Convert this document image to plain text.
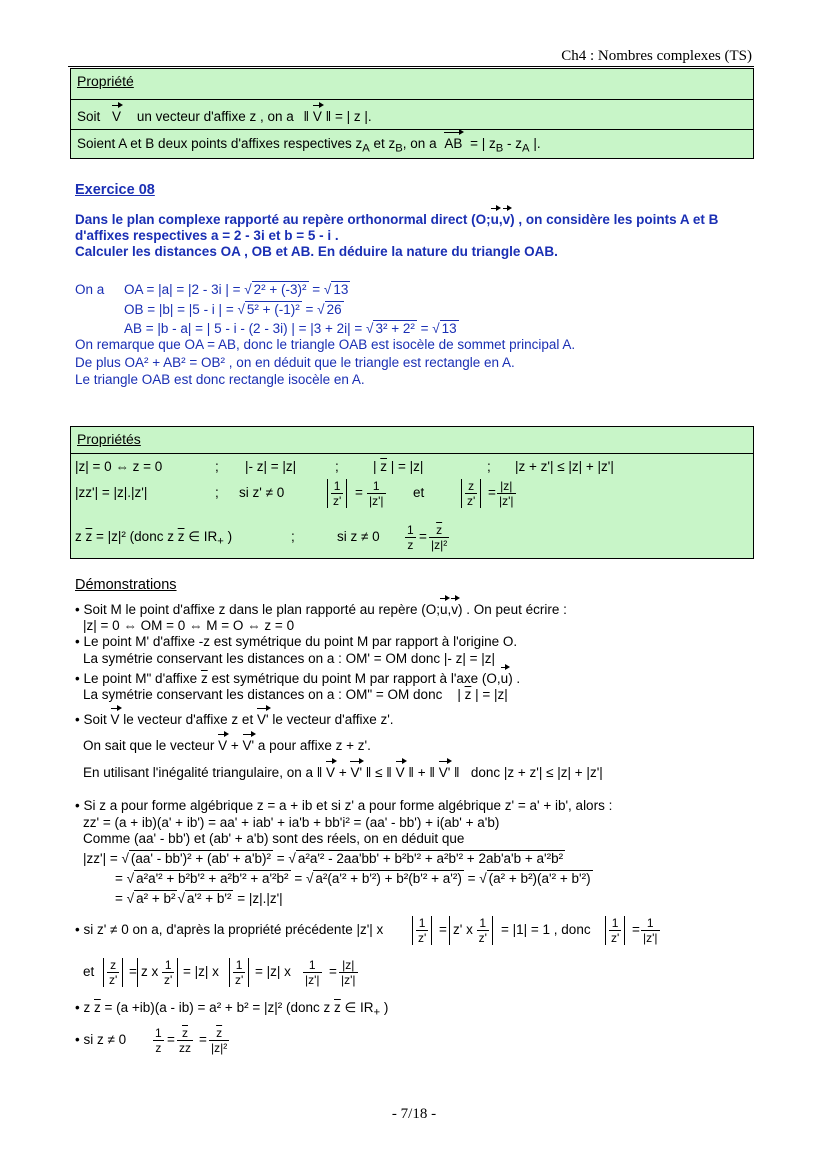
Ch4 : Nombres complexes (TS)
Propriété
Soit V un vecteur d'affixe z , on a ‖ V ‖ = | z |.
Soient A et B deux points d'affixes respectives $z_A$ et $z_B$, on a AB = | $z_B - z_A$ |.
Exercice 08
Dans le plan complexe rapporté au repère orthonormal direct (O;u,v) , on considère les points A et B
d'affixes respectives a = 2 - 3i et b = 5 - i .
Calculer les distances OA , OB et AB. En déduire la nature du triangle OAB.
On a OA = |a| = |2 - 3i | = √ 2² + (-3)² = √ 13
OB = |b| = |5 - i | = √ 5² + (-1)² = √ 26
AB = |b - a| = | 5 - i - (2 - 3i) | = |3 + 2i| = √ 3² + 2² = √ 13
On remarque que OA = AB, donc le triangle OAB est isocèle de sommet principal A.
De plus OA² + AB² = OB² , on en déduit que le triangle est rectangle en A.
Le triangle OAB est donc rectangle isocèle en A.
Propriétés
|z| = 0 ⇔ z = 0	; |- z| = |z|	;	| $\overline{z}$ | = |z|	; |z + z'| ≤ |z| + |z'|
|zz'| = |z|.|z'|	; si z' ≠ 0	$\frac{1}{z'} = \frac{1}{|z'|}$ et	$\frac{z}{z'} = \frac{|z|}{|z'|}$
z $\overline{z} = |z|^2$ (donc z $\overline{z}$ ∈ $IR_+$ )	;	si $z \ne 0 \frac{1}{z} = \frac{\overline{z}}{\text{|z|²}}$
Démonstrations
• Soit M le point d'affixe z dans le plan rapporté au repère (O;u,v) . On peut écrire :
|z| = 0 ⇔ OM = 0 ⇔ M = O ⇔ z = 0
• Le point M' d'affixe -z est symétrique du point M par rapport à l'origine O.
La symétrie conservant les distances on a : OM' = OM donc |- z| = |z|
• Le point M" d'affixe $\overline{z}$ est symétrique du point M par rapport à l'axe (O,u) .
La symétrie conservant les distances on a : OM" = OM donc    | $\overline{z}$ | = |z|
• Soit V le vecteur d'affixe z et V' le vecteur d'affixe z'.
On sait que le vecteur V + V' a pour affixe z + z'.
En utilisant l'inégalité triangulaire, on a ‖ V + V' ‖ ≤ ‖ V ‖ + ‖ V' ‖   donc |z + z'| ≤ |z| + |z'|
• Si z a pour forme algébrique z = a + ib et si z' a pour forme algébrique z' = a' + ib', alors :
zz' = (a + ib)(a' + ib') = aa' + iab' + ia'b + bb'i² = (aa' - bb') + i(ab' + a'b)
Comme (aa' - bb') et (ab' + a'b) sont des réels, on en déduit que
|zz'| = √ (aa' - bb')² + (ab' + a'b)² = √ a²a'² - 2aa'bb' + b²b'² + a²b'² + 2ab'a'b + a'²b²
= √ a²a'² + b²b'² + a²b'² + a'²b² = √ a²(a'² + b'²) + b²(b'² + a'²) = √ (a² + b²)(a'² + b'²)
= √ a² + b² √ a'² + b'² = |z|.|z'|
• si z' ≠ 0 on a, d'après la propriété précédente |z'| x	$\frac{1}{z'} = z'$ x $\frac{1}{z'} = |1| = 1$ , donc $\frac{1}{z'} = \frac{1}{|z'|}$
et $\frac{z}{z'} = z$ x $\frac{1}{z'} = |z|$ x $\frac{1}{z'} = |z|$ x $\frac{1}{|z'|} = \frac{|z|}{|z'|}$
• z $\overline{z} = (a +ib)(a - ib) = a^2 + b^2 = |z|^2$ (donc z $\overline{z}$ ∈ $IR_+$ )
• si $z \ne 0 \frac{1}{z} = \frac{\overline{z}}{z\overline{z}} = \frac{\overline{z}}{\text{|z|²}}$
- 7/18 -
